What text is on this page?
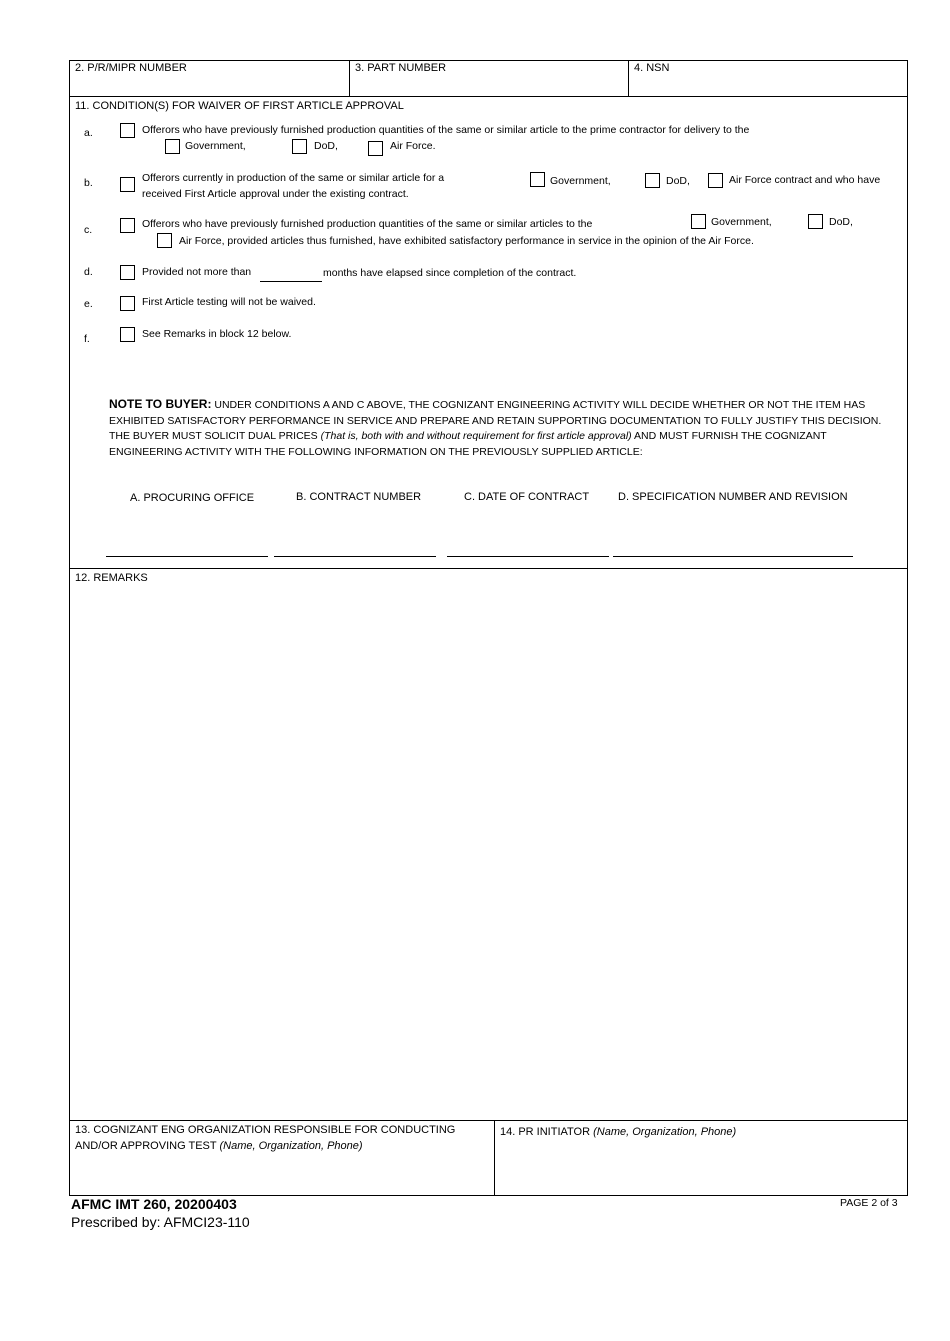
2. P/R/MIPR NUMBER	3. PART NUMBER	4. NSN
11. CONDITION(S) FOR WAIVER OF FIRST ARTICLE APPROVAL
a.	Offerors who have previously furnished production quantities of the same or similar article to the prime contractor for delivery to the
Government,	DoD,	Air Force.
b.	Offerors currently in production of the same or similar article for a
received First Article approval under the existing contract.
Government,	DoD,	Air Force contract and who have
c.	Offerors who have previously furnished production quantities of the same or similar articles to the	Government,	DoD,
Air Force, provided articles thus furnished, have exhibited satisfactory performance in service in the opinion of the Air Force.
d.	Provided not more than	months have elapsed since completion of the contract.
e.	First Article testing will not be waived.
f.	See Remarks in block 12 below.
NOTE TO BUYER: UNDER CONDITIONS A AND C ABOVE, THE COGNIZANT ENGINEERING ACTIVITY WILL DECIDE WHETHER OR NOT THE ITEM HAS EXHIBITED SATISFACTORY PERFORMANCE IN SERVICE AND PREPARE AND RETAIN SUPPORTING DOCUMENTATION TO FULLY JUSTIFY THIS DECISION. THE BUYER MUST SOLICIT DUAL PRICES (That is, both with and without requirement for first article approval) AND MUST FURNISH THE COGNIZANT ENGINEERING ACTIVITY WITH THE FOLLOWING INFORMATION ON THE PREVIOUSLY SUPPLIED ARTICLE:
A. PROCURING OFFICE	B. CONTRACT NUMBER	C. DATE OF CONTRACT	D. SPECIFICATION NUMBER AND REVISION
12. REMARKS
13. COGNIZANT ENG ORGANIZATION RESPONSIBLE FOR CONDUCTING
AND/OR APPROVING TEST (Name, Organization, Phone)
14. PR INITIATOR (Name, Organization, Phone)
AFMC IMT 260, 20200403
Prescribed by: AFMCI23-110
PAGE 2 of 3
